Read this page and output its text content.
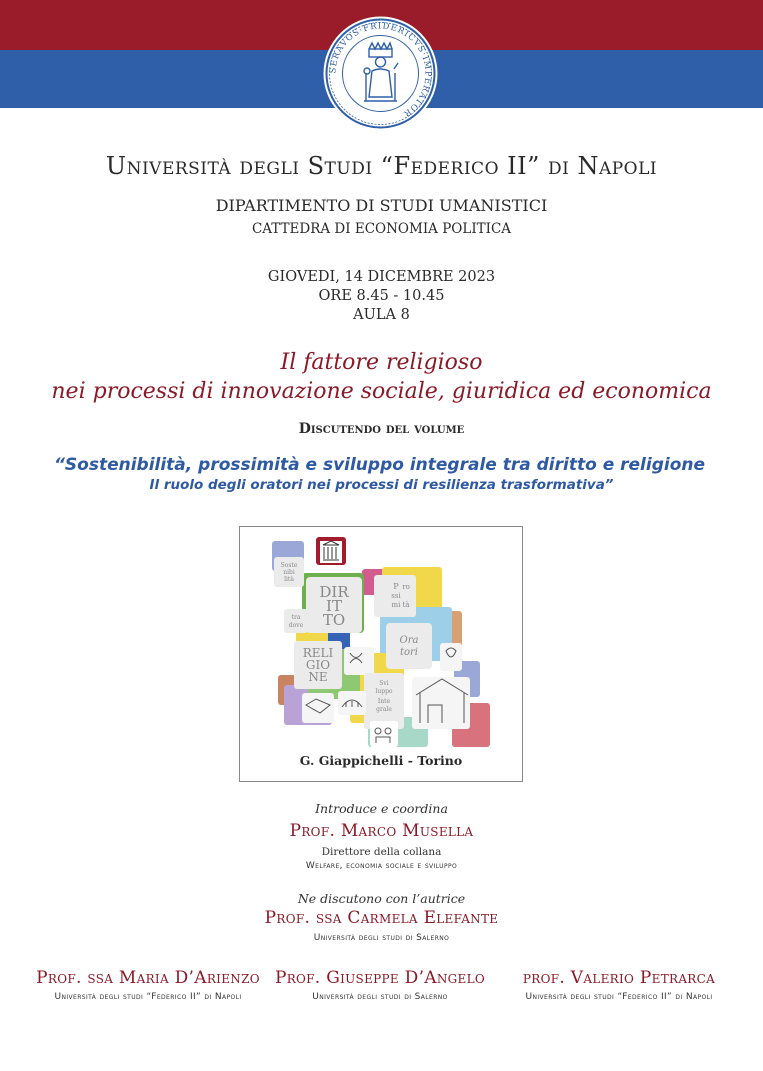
SERAVOS·FRIDERICVS·IMPERATOR
Università degli Studi “Federico II” di Napoli
DIPARTIMENTO DI STUDI UMANISTICI
CATTEDRA DI ECONOMIA POLITICA
GIOVEDI, 14 DICEMBRE 2023
ORE 8.45 - 10.45
AULA 8
Il fattore religioso
nei processi di innovazione sociale, giuridica ed economica
Discutendo del volume
“Sostenibilità, prossimità e sviluppo integrale tra diritto e religione
Il ruolo degli oratori nei processi di resilienza trasformativa”
Soste
nibi
lità
DIR
IT
TO
P ro
ssi
mi tà
tra
dove
RELI
GIO
NE
Ora
tori
Svi
luppo
Inte
grale
G. Giappichelli - Torino
Introduce e coordina
Prof. Marco Musella
Direttore della collana
Welfare, economia sociale e sviluppo
Ne discutono con l’autrice
Prof. ssa Carmela Elefante
Università degli studi di Salerno
Prof. ssa Maria D’Arienzo
Università degli studi “Federico II” di Napoli
Prof. Giuseppe D’Angelo
Università degli studi di Salerno
prof. Valerio Petrarca
Università degli studi “Federico II” di Napoli
